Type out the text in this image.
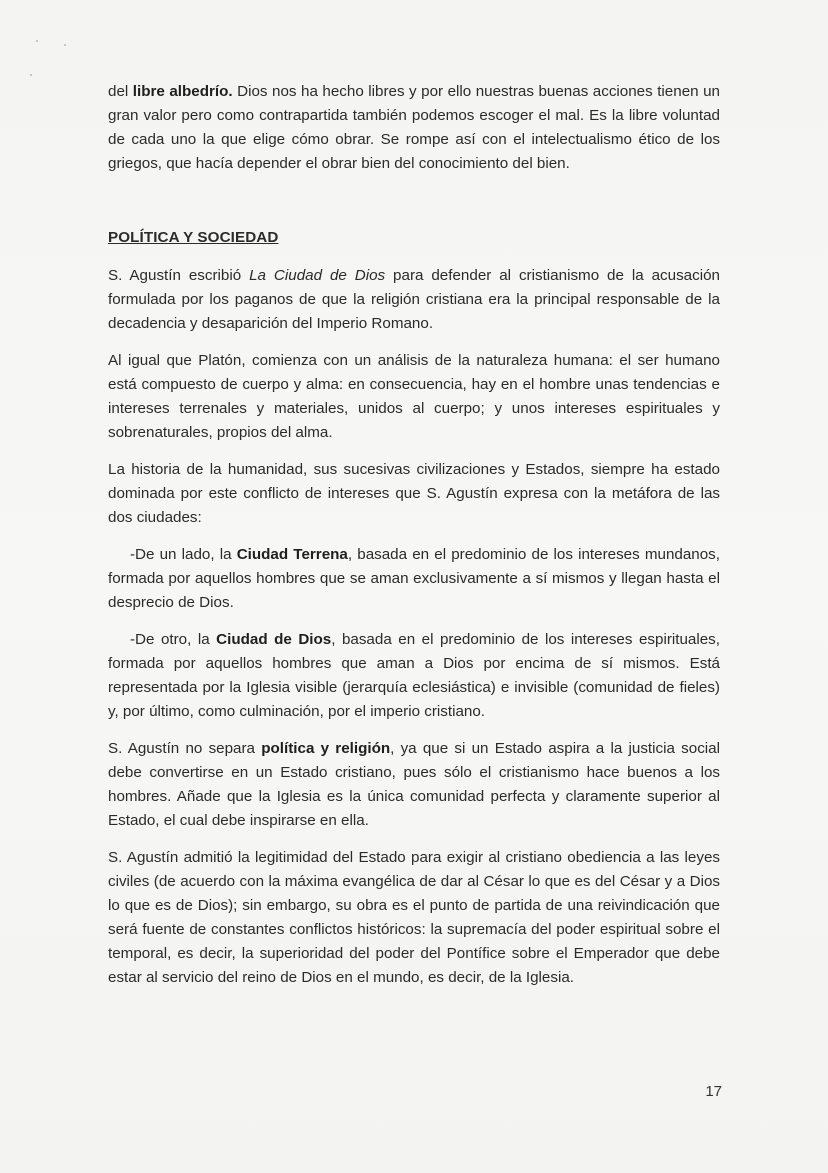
del libre albedrío. Dios nos ha hecho libres y por ello nuestras buenas acciones tienen un gran valor pero como contrapartida también podemos escoger el mal. Es la libre voluntad de cada uno la que elige cómo obrar. Se rompe así con el intelectualismo ético de los griegos, que hacía depender el obrar bien del conocimiento del bien.

POLÍTICA Y SOCIEDAD

S. Agustín escribió La Ciudad de Dios para defender al cristianismo de la acusación formulada por los paganos de que la religión cristiana era la principal responsable de la decadencia y desaparición del Imperio Romano.

Al igual que Platón, comienza con un análisis de la naturaleza humana: el ser humano está compuesto de cuerpo y alma: en consecuencia, hay en el hombre unas tendencias e intereses terrenales y materiales, unidos al cuerpo; y unos intereses espirituales y sobrenaturales, propios del alma.

La historia de la humanidad, sus sucesivas civilizaciones y Estados, siempre ha estado dominada por este conflicto de intereses que S. Agustín expresa con la metáfora de las dos ciudades:

-De un lado, la Ciudad Terrena, basada en el predominio de los intereses mundanos, formada por aquellos hombres que se aman exclusivamente a sí mismos y llegan hasta el desprecio de Dios.

-De otro, la Ciudad de Dios, basada en el predominio de los intereses espirituales, formada por aquellos hombres que aman a Dios por encima de sí mismos. Está representada por la Iglesia visible (jerarquía eclesiástica) e invisible (comunidad de fieles) y, por último, como culminación, por el imperio cristiano.

S. Agustín no separa política y religión, ya que si un Estado aspira a la justicia social debe convertirse en un Estado cristiano, pues sólo el cristianismo hace buenos a los hombres. Añade que la Iglesia es la única comunidad perfecta y claramente superior al Estado, el cual debe inspirarse en ella.

S. Agustín admitió la legitimidad del Estado para exigir al cristiano obediencia a las leyes civiles (de acuerdo con la máxima evangélica de dar al César lo que es del César y a Dios lo que es de Dios); sin embargo, su obra es el punto de partida de una reivindicación que será fuente de constantes conflictos históricos: la supremacía del poder espiritual sobre el temporal, es decir, la superioridad del poder del Pontífice sobre el Emperador que debe estar al servicio del reino de Dios en el mundo, es decir, de la Iglesia.

17
